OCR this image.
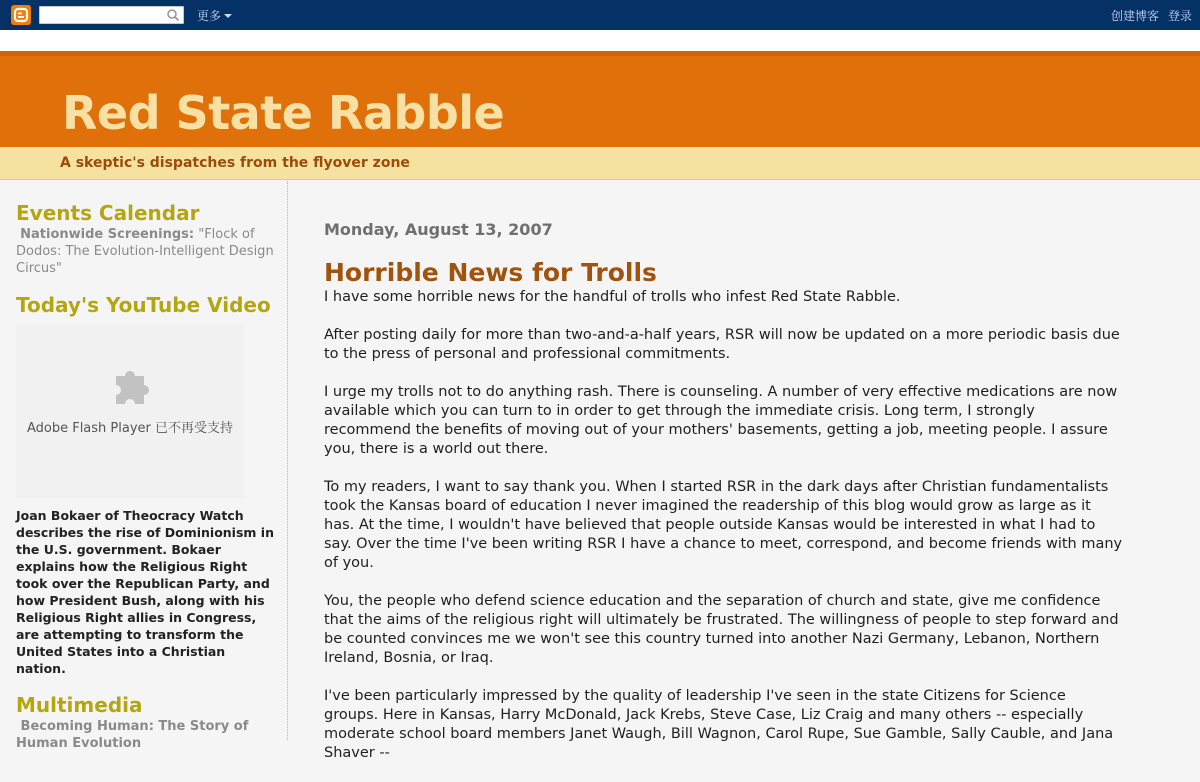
更多	创建博客 登录
Red State Rabble
A skeptic's dispatches from the flyover zone
Events Calendar
Nationwide Screenings: "Flock of Dodos: The Evolution-Intelligent Design Circus"
Today's YouTube Video
Adobe Flash Player 已不再受支持
Joan Bokaer of Theocracy Watch describes the rise of Dominionism in the U.S. government. Bokaer explains how the Religious Right took over the Republican Party, and how President Bush, along with his Religious Right allies in Congress, are attempting to transform the United States into a Christian nation.
Multimedia
Becoming Human: The Story of Human Evolution
Monday, August 13, 2007
Horrible News for Trolls

I have some horrible news for the handful of trolls who infest Red State Rabble.

After posting daily for more than two-and-a-half years, RSR will now be updated on a more periodic basis due to the press of personal and professional commitments.

I urge my trolls not to do anything rash. There is counseling. A number of very effective medications are now available which you can turn to in order to get through the immediate crisis. Long term, I strongly recommend the benefits of moving out of your mothers' basements, getting a job, meeting people. I assure you, there is a world out there.

To my readers, I want to say thank you. When I started RSR in the dark days after Christian fundamentalists took the Kansas board of education I never imagined the readership of this blog would grow as large as it has. At the time, I wouldn't have believed that people outside Kansas would be interested in what I had to say. Over the time I've been writing RSR I have a chance to meet, correspond, and become friends with many of you.

You, the people who defend science education and the separation of church and state, give me confidence that the aims of the religious right will ultimately be frustrated. The willingness of people to step forward and be counted convinces me we won't see this country turned into another Nazi Germany, Lebanon, Northern Ireland, Bosnia, or Iraq.

I've been particularly impressed by the quality of leadership I've seen in the state Citizens for Science groups. Here in Kansas, Harry McDonald, Jack Krebs, Steve Case, Liz Craig and many others -- especially moderate school board members Janet Waugh, Bill Wagnon, Carol Rupe, Sue Gamble, Sally Cauble, and Jana Shaver --
